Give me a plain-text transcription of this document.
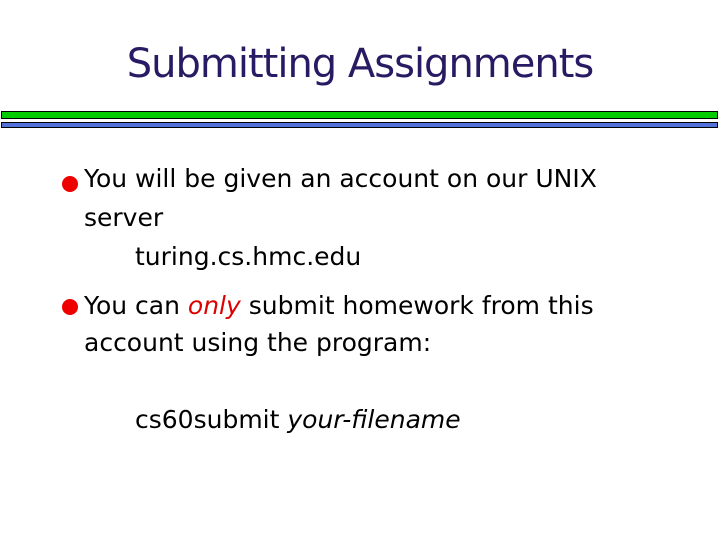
Submitting Assignments
You will be given an account on our UNIX
server
turing.cs.hmc.edu
You can only submit homework from this
account using the program:
cs60submit your-filename
